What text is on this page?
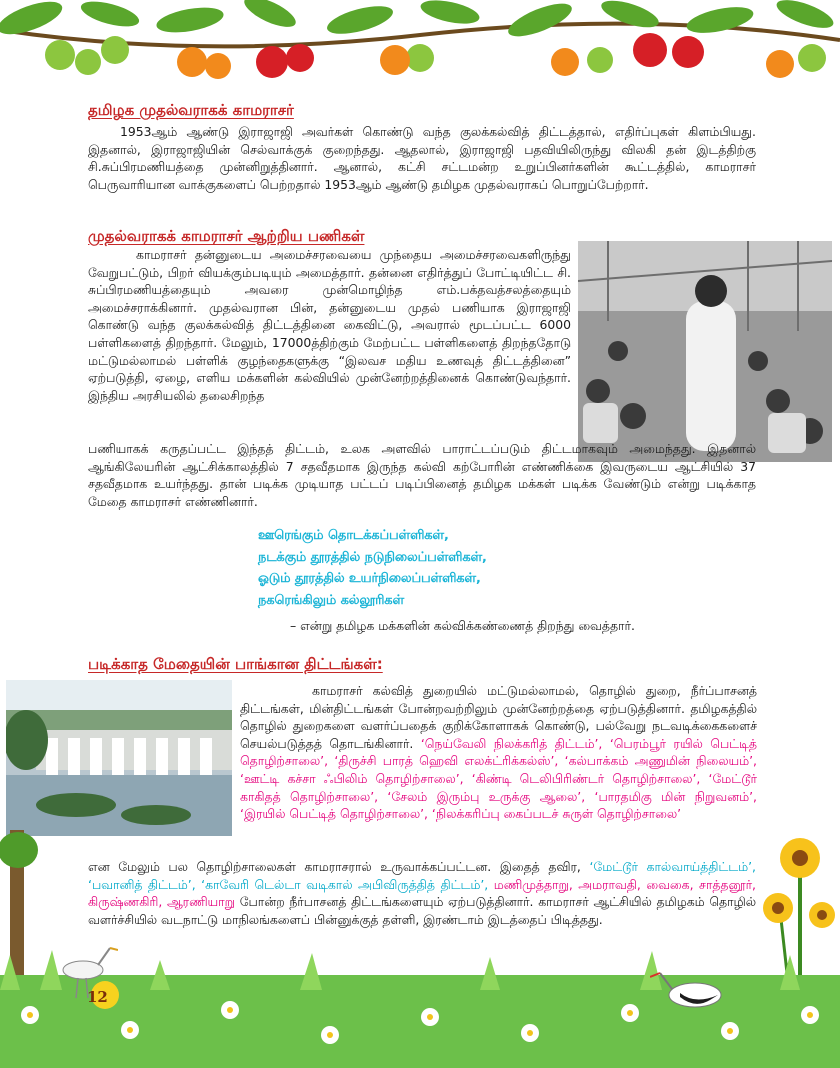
தமிழக முதல்வராகக் காமராசர்

1953ஆம் ஆண்டு இராஜாஜி அவர்கள் கொண்டு வந்த குலக்கல்வித் திட்டத்தால், எதிர்ப்புகள் கிளம்பியது. இதனால், இராஜாஜியின் செல்வாக்குக் குறைந்தது. ஆதலால், இராஜாஜி பதவியிலிருந்து விலகி தன் இடத்திற்கு சி.சுப்பிரமணியத்தை முன்னிறுத்தினார். ஆனால், கட்சி சட்டமன்ற உறுப்பினர்களின் கூட்டத்தில், காமராசர் பெருவாரியான வாக்குகளைப் பெற்றதால் 1953ஆம் ஆண்டு தமிழக முதல்வராகப் பொறுப்பேற்றார்.

முதல்வராகக் காமராசர் ஆற்றிய பணிகள்

காமராசர் தன்னுடைய அமைச்சரவையை முந்தைய அமைச்சரவைகளிருந்து வேறுபட்டும், பிறர் வியக்கும்படியும் அமைத்தார். தன்னை எதிர்த்துப் போட்டியிட்ட சி. சுப்பிரமணியத்தையும் அவரை முன்மொழிந்த எம்.பக்தவத்சலத்தையும் அமைச்சராக்கினார். முதல்வரான பின், தன்னுடைய முதல் பணியாக இராஜாஜி கொண்டு வந்த குலக்கல்வித் திட்டத்தினை கைவிட்டு, அவரால் மூடப்பட்ட 6000 பள்ளிகளைத் திறந்தார். மேலும், 17000த்திற்கும் மேற்பட்ட பள்ளிகளைத் திறந்ததோடு மட்டுமல்லாமல் பள்ளிக் குழந்தைகளுக்கு “இலவச மதிய உணவுத் திட்டத்தினை” ஏற்படுத்தி, ஏழை, எளிய மக்களின் கல்வியில் முன்னேற்றத்தினைக் கொண்டுவந்தார். இந்திய அரசியலில் தலைசிறந்த

பணியாகக் கருதப்பட்ட இந்தத் திட்டம், உலக அளவில் பாராட்டப்படும் திட்டமாகவும் அமைந்தது. இதனால் ஆங்கிலேயரின் ஆட்சிக்காலத்தில் 7 சதவீதமாக இருந்த கல்வி கற்போரின் எண்ணிக்கை இவருடைய ஆட்சியில் 37 சதவீதமாக உயர்ந்தது. தான் படிக்க முடியாத பட்டப் படிப்பினைத் தமிழக மக்கள் படிக்க வேண்டும் என்று படிக்காத மேதை காமராசர் எண்ணினார்.

ஊரெங்கும் தொடக்கப்பள்ளிகள்,
நடக்கும் தூரத்தில் நடுநிலைப்பள்ளிகள்,
ஓடும் தூரத்தில் உயர்நிலைப்பள்ளிகள்,
நகரெங்கிலும் கல்லூரிகள்
– என்று தமிழக மக்களின் கல்விக்கண்ணைத் திறந்து வைத்தார்.
படிக்காத மேதையின் பாங்கான திட்டங்கள்:

காமராசர் கல்வித் துறையில் மட்டுமல்லாமல், தொழில் துறை, நீர்ப்பாசனத் திட்டங்கள், மின்திட்டங்கள் போன்றவற்றிலும் முன்னேற்றத்தை ஏற்படுத்தினார். தமிழகத்தில் தொழில் துறைகளை வளர்ப்பதைக் குறிக்கோளாகக் கொண்டு, பல்வேறு நடவடிக்கைகளைச் செயல்படுத்தத் தொடங்கினார். ‘நெய்வேலி நிலக்கரித் திட்டம்’, ‘பெரம்பூர் ரயில் பெட்டித் தொழிற்சாலை’, ‘திருச்சி பாரத் ஹெவி எலக்ட்ரிக்கல்ஸ்’, ‘கல்பாக்கம் அணுமின் நிலையம்’, ‘ஊட்டி கச்சா ஃபிலிம் தொழிற்சாலை’, ‘கிண்டி டெலிபிரிண்டர் தொழிற்சாலை’, ‘மேட்டூர் காகிதத் தொழிற்சாலை’, ‘சேலம் இரும்பு உருக்கு ஆலை’, ‘பாரதமிகு மின் நிறுவனம்’, ‘இரயில் பெட்டித் தொழிற்சாலை’, ‘நிலக்கரிப்பு கைப்படச் சுருள் தொழிற்சாலை’

என மேலும் பல தொழிற்சாலைகள் காமராசரால் உருவாக்கப்பட்டன. இதைத் தவிர, ‘மேட்டூர் கால்வாய்த்திட்டம்’, ‘பவானித் திட்டம்’, ‘காவேரி டெல்டா வடிகால் அபிவிருத்தித் திட்டம்’, மணிமுத்தாறு, அமராவதி, வைகை, சாத்தனூர், கிருஷ்ணகிரி, ஆரணியாறு போன்ற நீர்பாசனத் திட்டங்களையும் ஏற்படுத்தினார். காமராசர் ஆட்சியில் தமிழகம் தொழில் வளர்ச்சியில் வடநாட்டு மாநிலங்களைப் பின்னுக்குத் தள்ளி, இரண்டாம் இடத்தைப் பிடித்தது.

12
